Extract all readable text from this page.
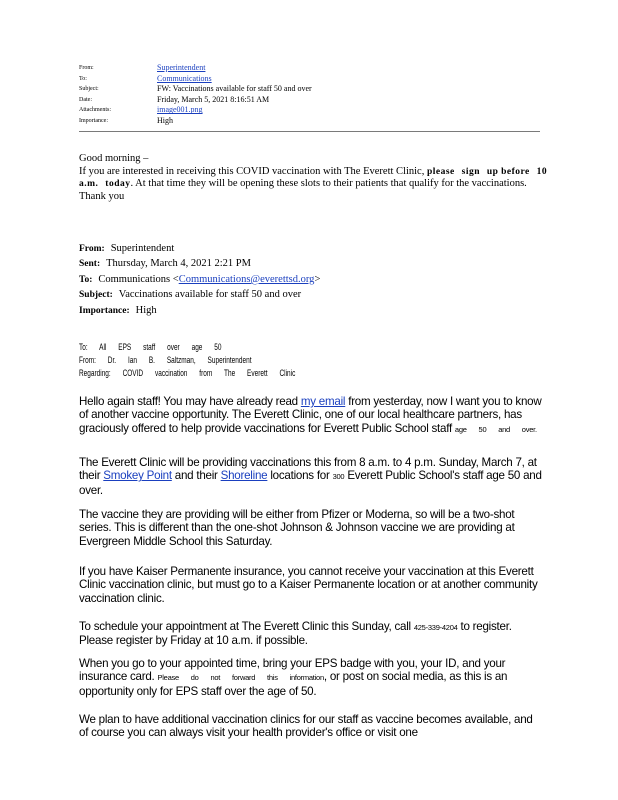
From:	Superintendent
To:	Communications
Subject:	FW: Vaccinations available for staff 50 and over
Date:	Friday, March 5, 2021 8:16:51 AM
Attachments:	image001.png
Importance:	High
Good morning –
If you are interested in receiving this COVID vaccination with The Everett Clinic, please sign up before 10 a.m. today. At that time they will be opening these slots to their patients that qualify for the vaccinations.
Thank you
From: Superintendent
Sent: Thursday, March 4, 2021 2:21 PM
To: Communications <Communications@everettsd.org>
Subject: Vaccinations available for staff 50 and over
Importance: High
To: All EPS staff over age 50
From: Dr. Ian B. Saltzman, Superintendent
Regarding: COVID vaccination from The Everett Clinic
Hello again staff! You may have already read my email from yesterday, now I want you to know of another vaccine opportunity. The Everett Clinic, one of our local healthcare partners, has graciously offered to help provide vaccinations for Everett Public School staff age 50 and over.
The Everett Clinic will be providing vaccinations this from 8 a.m. to 4 p.m. Sunday, March 7, at their Smokey Point and their Shoreline locations for 300 Everett Public School's staff age 50 and over.
The vaccine they are providing will be either from Pfizer or Moderna, so will be a two-shot series. This is different than the one-shot Johnson & Johnson vaccine we are providing at Evergreen Middle School this Saturday.
If you have Kaiser Permanente insurance, you cannot receive your vaccination at this Everett Clinic vaccination clinic, but must go to a Kaiser Permanente location or at another community vaccination clinic.
To schedule your appointment at The Everett Clinic this Sunday, call 425-339-4204 to register. Please register by Friday at 10 a.m. if possible.
When you go to your appointed time, bring your EPS badge with you, your ID, and your insurance card. Please do not forward this information, or post on social media, as this is an opportunity only for EPS staff over the age of 50.
We plan to have additional vaccination clinics for our staff as vaccine becomes available, and of course you can always visit your health provider's office or visit one
